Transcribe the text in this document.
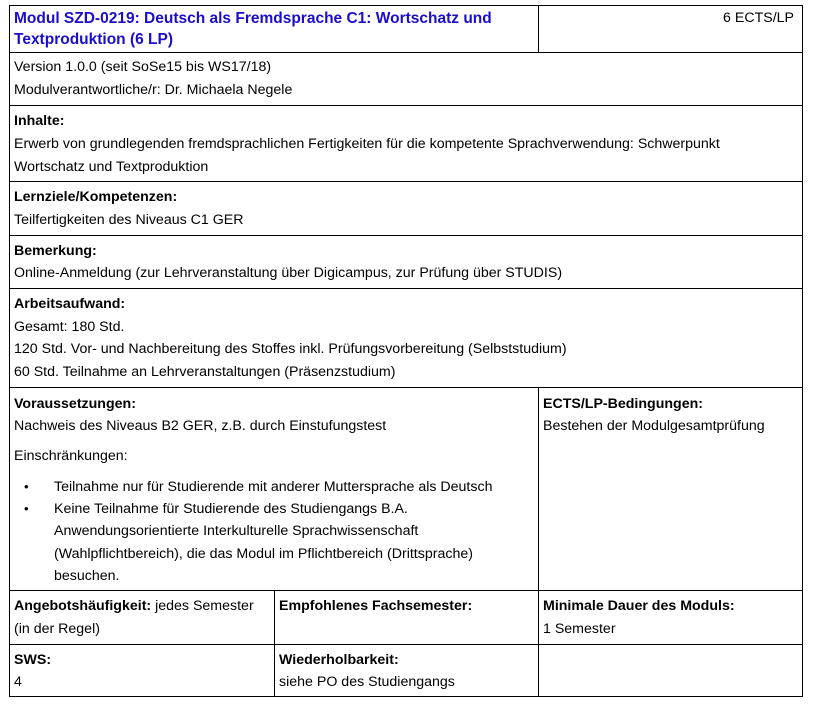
Modul SZD-0219: Deutsch als Fremdsprache C1: Wortschatz und
Textproduktion (6 LP)
6 ECTS/LP
Version 1.0.0 (seit SoSe15 bis WS17/18)
Modulverantwortliche/r: Dr. Michaela Negele
Inhalte:
Erwerb von grundlegenden fremdsprachlichen Fertigkeiten für die kompetente Sprachverwendung: Schwerpunkt
Wortschatz und Textproduktion
Lernziele/Kompetenzen:
Teilfertigkeiten des Niveaus C1 GER
Bemerkung:
Online-Anmeldung (zur Lehrveranstaltung über Digicampus, zur Prüfung über STUDIS)
Arbeitsaufwand:
Gesamt: 180 Std.
120 Std. Vor- und Nachbereitung des Stoffes inkl. Prüfungsvorbereitung (Selbststudium)
60 Std. Teilnahme an Lehrveranstaltungen (Präsenzstudium)
Voraussetzungen:
Nachweis des Niveaus B2 GER, z.B. durch Einstufungstest
Einschränkungen:
• Teilnahme nur für Studierende mit anderer Muttersprache als Deutsch
• Keine Teilnahme für Studierende des Studiengangs B.A.
Anwendungsorientierte Interkulturelle Sprachwissenschaft
(Wahlpflichtbereich), die das Modul im Pflichtbereich (Drittsprache)
besuchen.
ECTS/LP-Bedingungen:
Bestehen der Modulgesamtprüfung
Angebotshäufigkeit: jedes Semester
(in der Regel)
Empfohlenes Fachsemester:	Minimale Dauer des Moduls:
1 Semester
SWS:
4
Wiederholbarkeit:
siehe PO des Studiengangs
